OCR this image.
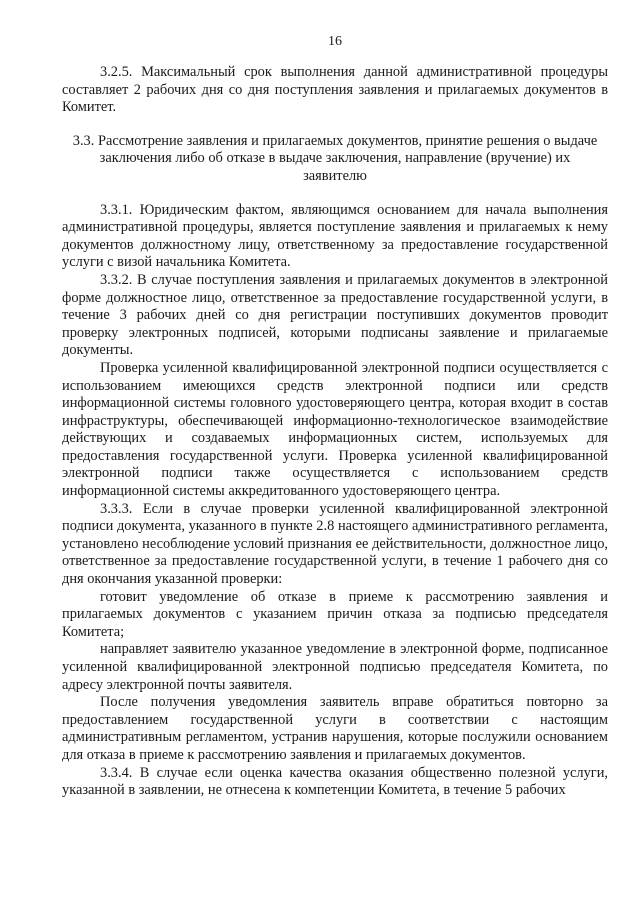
16

3.2.5. Максимальный срок выполнения данной административной процедуры составляет 2 рабочих дня со дня поступления заявления и прилагаемых документов в Комитет.

3.3. Рассмотрение заявления и прилагаемых документов, принятие решения о выдаче заключения либо об отказе в выдаче заключения, направление (вручение) их заявителю

3.3.1. Юридическим фактом, являющимся основанием для начала выполнения административной процедуры, является поступление заявления и прилагаемых к нему документов должностному лицу, ответственному за предоставление государственной услуги с визой начальника Комитета.

3.3.2. В случае поступления заявления и прилагаемых документов в электронной форме должностное лицо, ответственное за предоставление государственной услуги, в течение 3 рабочих дней со дня регистрации поступивших документов проводит проверку электронных подписей, которыми подписаны заявление и прилагаемые документы.

Проверка усиленной квалифицированной электронной подписи осуществляется с использованием имеющихся средств электронной подписи или средств информационной системы головного удостоверяющего центра, которая входит в состав инфраструктуры, обеспечивающей информационно-технологическое взаимодействие действующих и создаваемых информационных систем, используемых для предоставления государственной услуги. Проверка усиленной квалифицированной электронной подписи также осуществляется с использованием средств информационной системы аккредитованного удостоверяющего центра.

3.3.3. Если в случае проверки усиленной квалифицированной электронной подписи документа, указанного в пункте 2.8 настоящего административного регламента, установлено несоблюдение условий признания ее действительности, должностное лицо, ответственное за предоставление государственной услуги, в течение 1 рабочего дня со дня окончания указанной проверки:

готовит уведомление об отказе в приеме к рассмотрению заявления и прилагаемых документов с указанием причин отказа за подписью председателя Комитета;

направляет заявителю указанное уведомление в электронной форме, подписанное усиленной квалифицированной электронной подписью председателя Комитета, по адресу электронной почты заявителя.

После получения уведомления заявитель вправе обратиться повторно за предоставлением государственной услуги в соответствии с настоящим административным регламентом, устранив нарушения, которые послужили основанием для отказа в приеме к рассмотрению заявления и прилагаемых документов.

3.3.4. В случае если оценка качества оказания общественно полезной услуги, указанной в заявлении, не отнесена к компетенции Комитета, в течение 5 рабочих
